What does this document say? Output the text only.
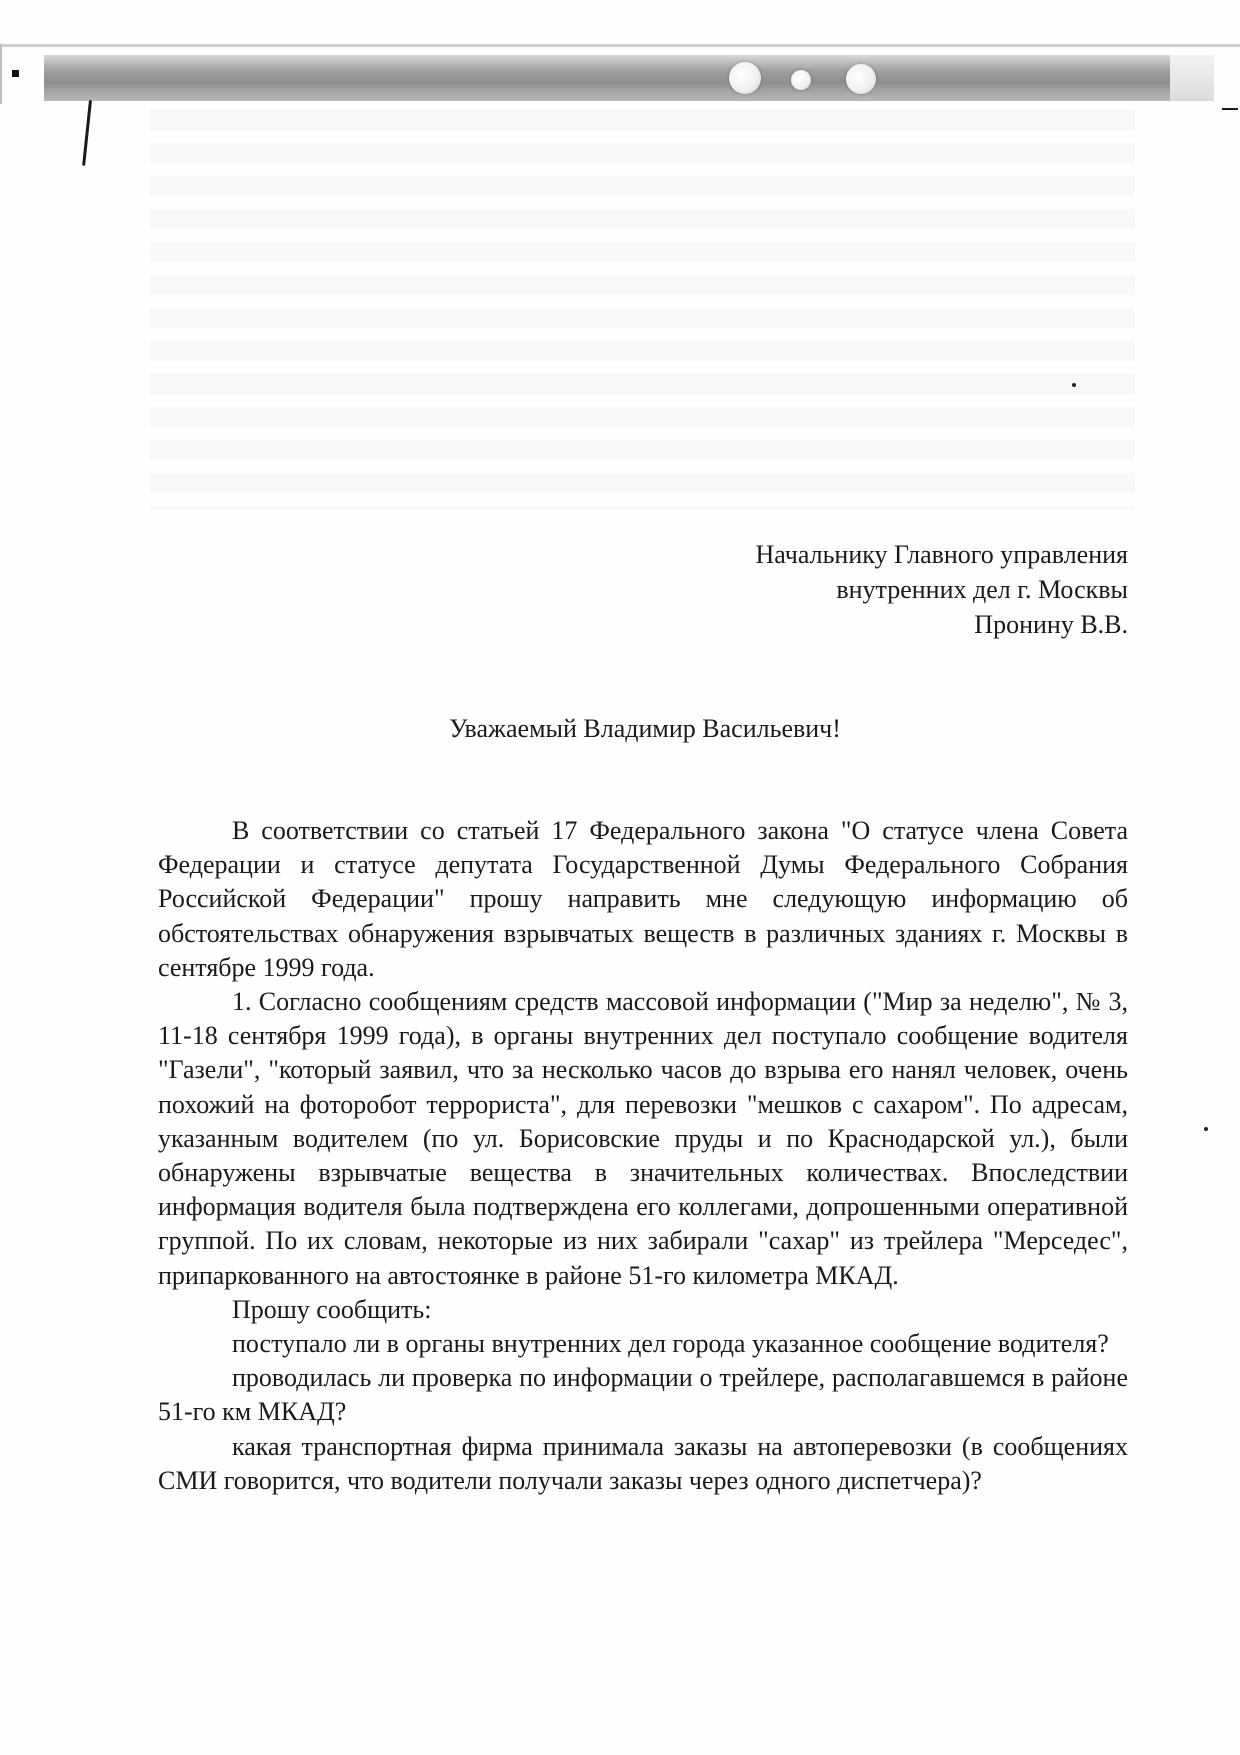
Начальнику Главного управления
внутренних дел г. Москвы
Пронину В.В.
Уважаемый Владимир Васильевич!

В соответствии со статьей 17 Федерального закона "О статусе члена Совета Федерации и статусе депутата Государственной Думы Федерального Собрания Российской Федерации" прошу направить мне следующую информацию об обстоятельствах обнаружения взрывчатых веществ в различных зданиях г. Москвы в сентябре 1999 года.

1. Согласно сообщениям средств массовой информации ("Мир за неделю", № 3, 11-18 сентября 1999 года), в органы внутренних дел поступало сообщение водителя "Газели", "который заявил, что за несколько часов до взрыва его нанял человек, очень похожий на фоторобот террориста", для перевозки "мешков с сахаром". По адресам, указанным водителем (по ул. Борисовские пруды и по Краснодарской ул.), были обнаружены взрывчатые вещества в значительных количествах. Впоследствии информация водителя была подтверждена его коллегами, допрошенными оперативной группой. По их словам, некоторые из них забирали "сахар" из трейлера "Мерседес", припаркованного на автостоянке в районе 51-го километра МКАД.

Прошу сообщить:

поступало ли в органы внутренних дел города указанное сообщение водителя?

проводилась ли проверка по информации о трейлере, располагавшемся в районе 51-го км МКАД?

какая транспортная фирма принимала заказы на автоперевозки (в сообщениях СМИ говорится, что водители получали заказы через одного диспетчера)?
